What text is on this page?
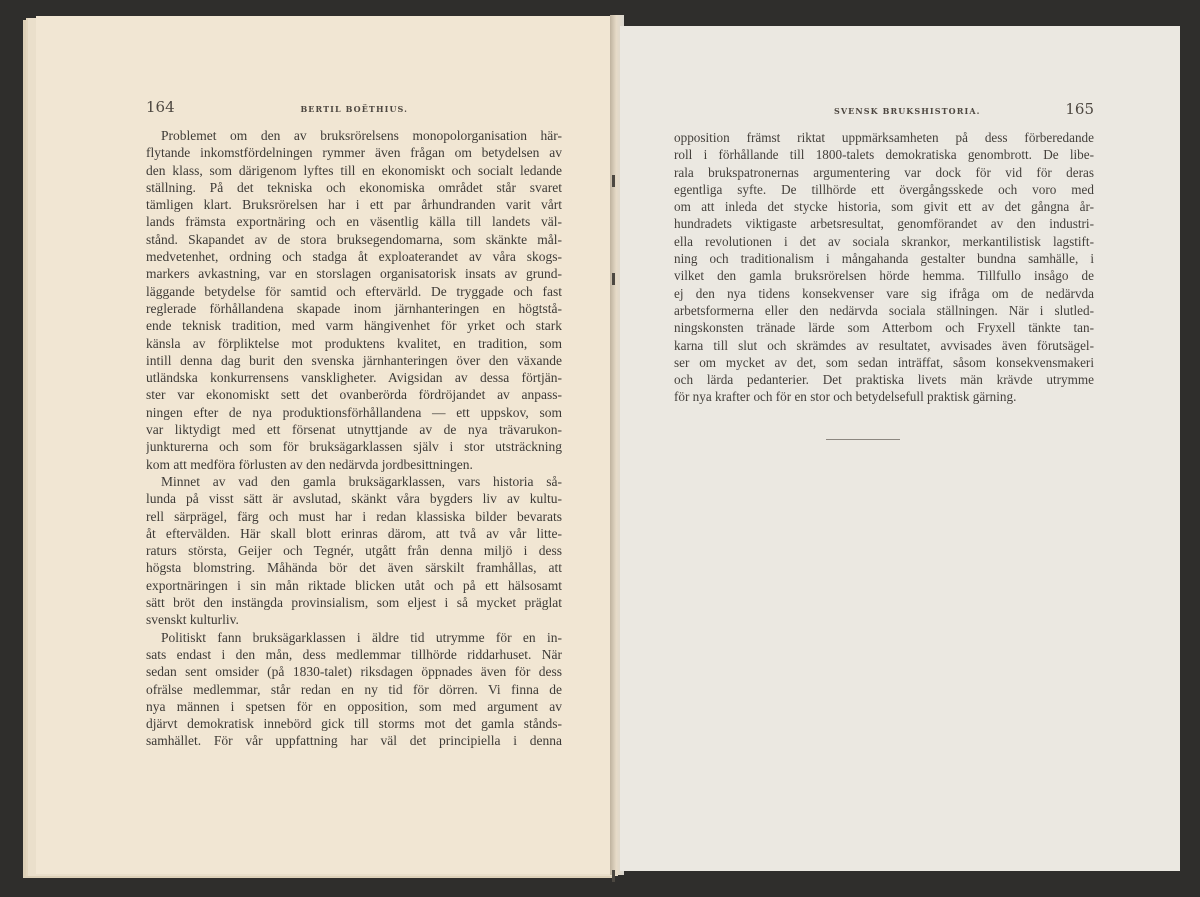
164	BERTIL BOËTHIUS.
Problemet om den av bruksrörelsens monopolorganisation här-
flytande inkomstfördelningen rymmer även frågan om betydelsen av
den klass, som därigenom lyftes till en ekonomiskt och socialt ledande
ställning. På det tekniska och ekonomiska området står svaret
tämligen klart. Bruksrörelsen har i ett par århundranden varit vårt
lands främsta exportnäring och en väsentlig källa till landets väl-
stånd. Skapandet av de stora bruksegendomarna, som skänkte mål-
medvetenhet, ordning och stadga åt exploaterandet av våra skogs-
markers avkastning, var en storslagen organisatorisk insats av grund-
läggande betydelse för samtid och eftervärld. De tryggade och fast
reglerade förhållandena skapade inom järnhanteringen en högtstå-
ende teknisk tradition, med varm hängivenhet för yrket och stark
känsla av förpliktelse mot produktens kvalitet, en tradition, som
intill denna dag burit den svenska järnhanteringen över den växande
utländska konkurrensens vanskligheter. Avigsidan av dessa förtjän-
ster var ekonomiskt sett det ovanberörda fördröjandet av anpass-
ningen efter de nya produktionsförhållandena — ett uppskov, som
var liktydigt med ett försenat utnyttjande av de nya trävarukon-
junkturerna och som för bruksägarklassen själv i stor utsträckning
kom att medföra förlusten av den nedärvda jordbesittningen.
Minnet av vad den gamla bruksägarklassen, vars historia så-
lunda på visst sätt är avslutad, skänkt våra bygders liv av kultu-
rell särprägel, färg och must har i redan klassiska bilder bevarats
åt eftervälden. Här skall blott erinras därom, att två av vår litte-
raturs största, Geijer och Tegnér, utgått från denna miljö i dess
högsta blomstring. Måhända bör det även särskilt framhållas, att
exportnäringen i sin mån riktade blicken utåt och på ett hälsosamt
sätt bröt den instängda provinsialism, som eljest i så mycket präglat
svenskt kulturliv.
Politiskt fann bruksägarklassen i äldre tid utrymme för en in-
sats endast i den mån, dess medlemmar tillhörde riddarhuset. När
sedan sent omsider (på 1830-talet) riksdagen öppnades även för dess
ofrälse medlemmar, står redan en ny tid för dörren. Vi finna de
nya männen i spetsen för en opposition, som med argument av
djärvt demokratisk innebörd gick till storms mot det gamla stånds-
samhället. För vår uppfattning har väl det principiella i denna
SVENSK BRUKSHISTORIA.	165
opposition främst riktat uppmärksamheten på dess förberedande
roll i förhållande till 1800-talets demokratiska genombrott. De libe-
rala brukspatronernas argumentering var dock för vid för deras
egentliga syfte. De tillhörde ett övergångsskede och voro med
om att inleda det stycke historia, som givit ett av det gångna år-
hundradets viktigaste arbetsresultat, genomförandet av den industri-
ella revolutionen i det av sociala skrankor, merkantilistisk lagstift-
ning och traditionalism i mångahanda gestalter bundna samhälle, i
vilket den gamla bruksrörelsen hörde hemma. Tillfullo insågo de
ej den nya tidens konsekvenser vare sig ifråga om de nedärvda
arbetsformerna eller den nedärvda sociala ställningen. När i slutled-
ningskonsten tränade lärde som Atterbom och Fryxell tänkte tan-
karna till slut och skrämdes av resultatet, avvisades även förutsägel-
ser om mycket av det, som sedan inträffat, såsom konsekvensmakeri
och lärda pedanterier. Det praktiska livets män krävde utrymme
för nya krafter och för en stor och betydelsefull praktisk gärning.
